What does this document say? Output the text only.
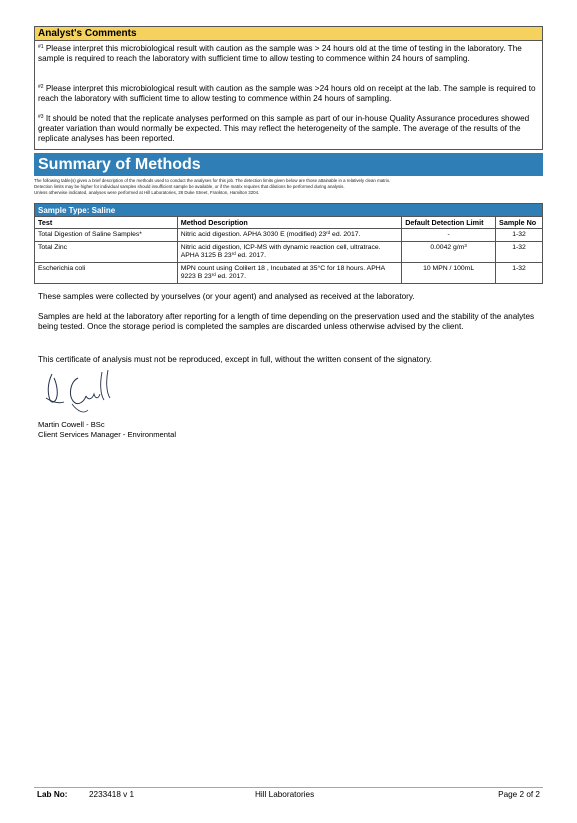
Analyst's Comments
$^{\#1}$ Please interpret this microbiological result with caution as the sample was > 24 hours old at the time of testing in the laboratory. The sample is required to reach the laboratory with sufficient time to allow testing to commence within 24 hours of sampling.
$^{\#2}$ Please interpret this microbiological result with caution as the sample was >24 hours old on receipt at the lab. The sample is required to reach the laboratory with sufficient time to allow testing to commence within 24 hours of sampling.
$^{\#3}$ It should be noted that the replicate analyses performed on this sample as part of our in-house Quality Assurance procedures showed greater variation than would normally be expected. This may reflect the heterogeneity of the sample. The average of the results of the replicate analyses has been reported.
Summary of Methods
The following table(s) gives a brief description of the methods used to conduct the analyses for this job. The detection limits given below are those attainable in a relatively clean matrix.
Detection limits may be higher for individual samples should insufficient sample be available, or if the matrix requires that dilutions be performed during analysis.
Unless otherwise indicated, analyses were performed at Hill Laboratories, 28 Duke Street, Frankton, Hamilton 3204.
Sample Type: Saline			
Test	Method Description	Default Detection Limit	Sample No
Total Digestion of Saline Samples*	Nitric acid digestion. APHA 3030 E (modified) 23rd ed. 2017.	-	1-32
Total Zinc	Nitric acid digestion, ICP-MS with dynamic reaction cell, ultratrace. APHA 3125 B 23rd ed. 2017.	0.0042 $g/m^3$	1-32
Escherichia coli	MPN count using Colilert 18 , Incubated at 35°C for 18 hours. APHA 9223 B 23rd ed. 2017.	10 MPN / 100mL	1-32
These samples were collected by yourselves (or your agent) and analysed as received at the laboratory.
Samples are held at the laboratory after reporting for a length of time depending on the preservation used and the stability of the analytes being tested. Once the storage period is completed the samples are discarded unless otherwise advised by the client.
This certificate of analysis must not be reproduced, except in full, without the written consent of the signatory.
Martin Cowell - BSc
Client Services Manager - Environmental
Lab No:	2233418 v 1	Hill Laboratories	Page 2 of 2
